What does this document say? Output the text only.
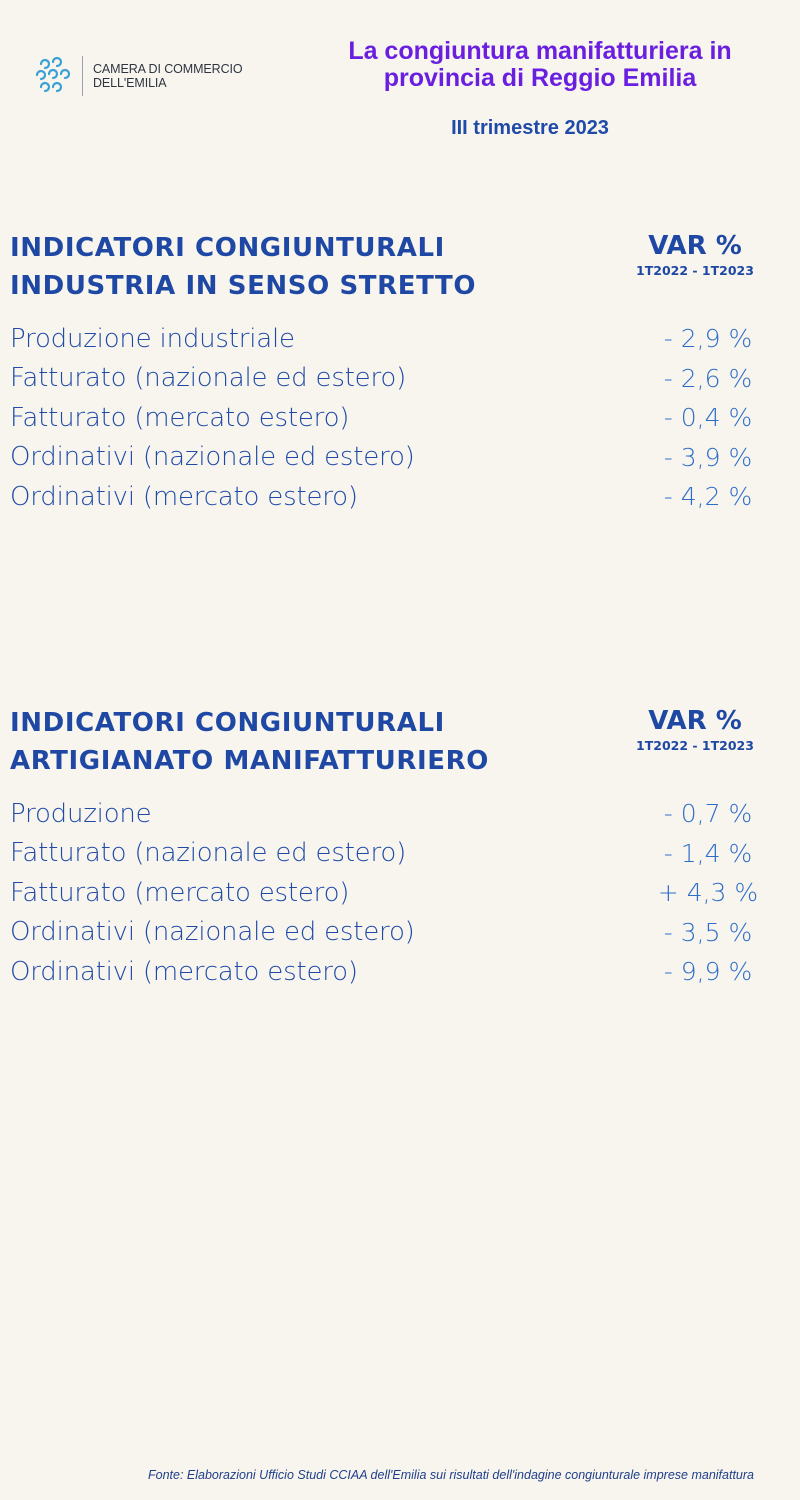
CAMERA DI COMMERCIO
DELL'EMILIA
La congiuntura manifatturiera in
provincia di Reggio Emilia
III trimestre 2023
INDICATORI CONGIUNTURALI
INDUSTRIA IN SENSO STRETTO
VAR %
1T2022 - 1T2023
Produzione industriale	- 2,9 %
Fatturato (nazionale ed estero)	- 2,6 %
Fatturato (mercato estero)	- 0,4 %
Ordinativi (nazionale ed estero)	- 3,9 %
Ordinativi (mercato estero)	- 4,2 %
INDICATORI CONGIUNTURALI
ARTIGIANATO MANIFATTURIERO
VAR %
1T2022 - 1T2023
Produzione	- 0,7 %
Fatturato (nazionale ed estero)	- 1,4 %
Fatturato (mercato estero)	+ 4,3 %
Ordinativi (nazionale ed estero)	- 3,5 %
Ordinativi (mercato estero)	- 9,9 %
Fonte: Elaborazioni Ufficio Studi CCIAA dell'Emilia sui risultati dell'indagine congiunturale imprese manifattura
